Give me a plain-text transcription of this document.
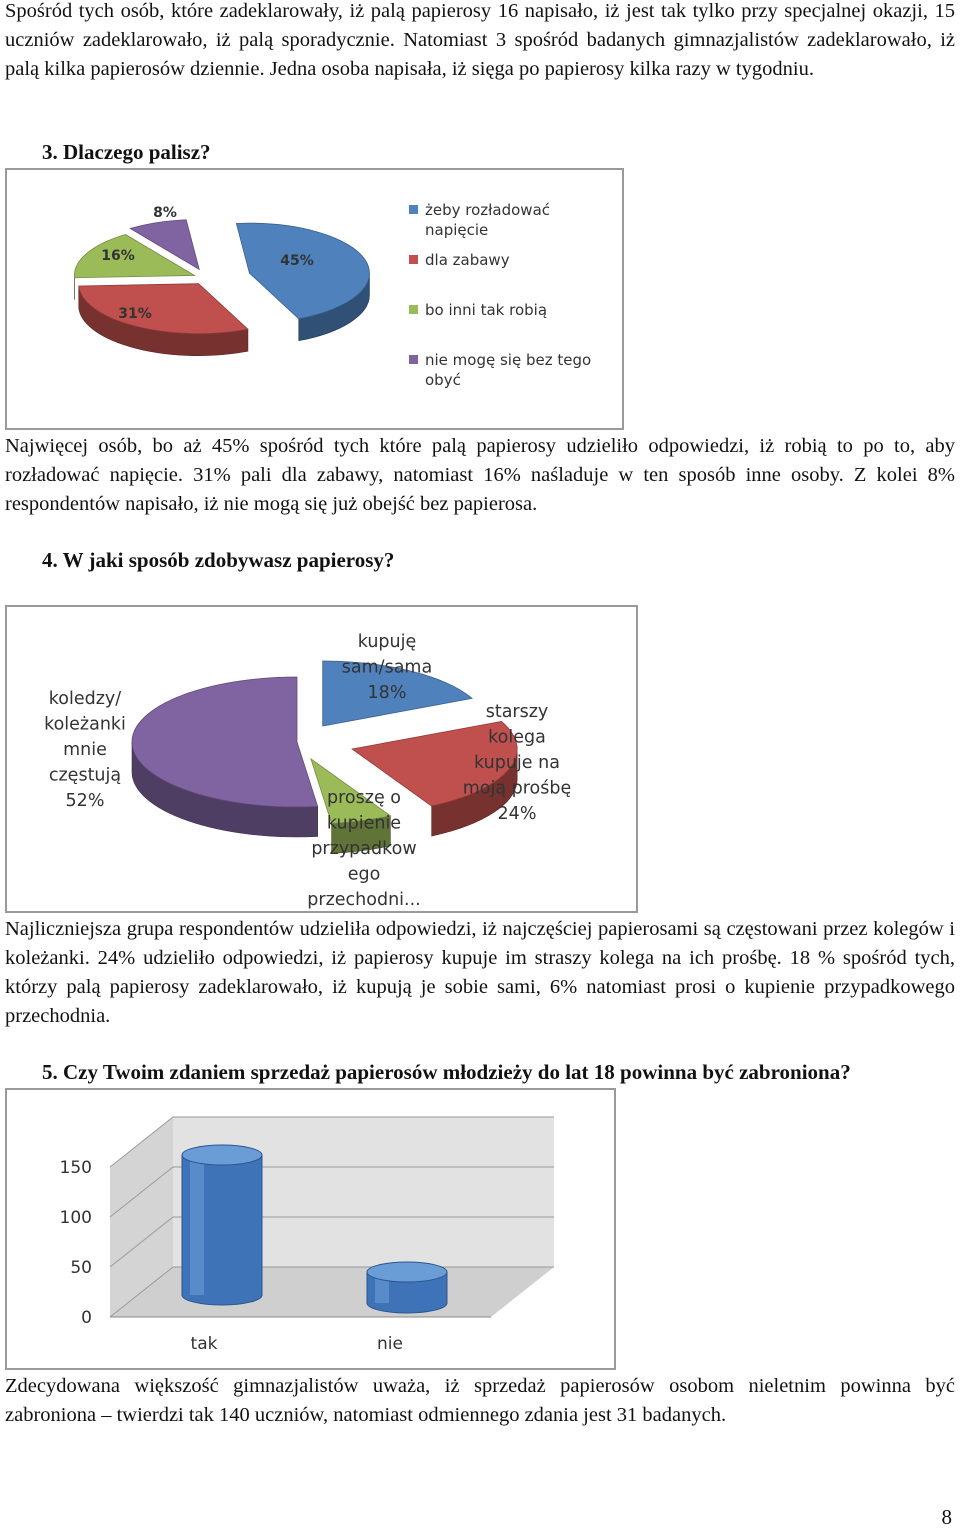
Spośród tych osób, które zadeklarowały, iż palą papierosy 16 napisało, iż jest tak tylko przy specjalnej okazji, 15 uczniów zadeklarowało, iż palą sporadycznie. Natomiast 3 spośród badanych gimnazjalistów zadeklarowało, iż palą kilka papierosów dziennie. Jedna osoba napisała, iż sięga po papierosy kilka razy w tygodniu.

3. Dlaczego palisz?

45%
31%
16%
8%	żeby rozładować
napięcie
dla zabawy
bo inni tak robią
nie mogę się bez tego
obyć

Najwięcej osób, bo aż 45% spośród tych które palą papierosy udzieliło odpowiedzi, iż robią to po to, aby rozładować napięcie. 31% pali dla zabawy, natomiast 16% naśladuje w ten sposób inne osoby. Z kolei 8% respondentów napisało, iż nie mogą się już obejść bez papierosa.

4. W jaki sposób zdobywasz papierosy?

kupuję
sam/sama
18%
starszy
kolega
kupuje na
moją prośbę
24%
proszę o
kupienie
przypadkow
ego
przechodni...
koledzy/
koleżanki
mnie
częstują
52%

Najliczniejsza grupa respondentów udzieliła odpowiedzi, iż najczęściej papierosami są częstowani przez kolegów i koleżanki. 24% udzieliło odpowiedzi, iż papierosy kupuje im straszy kolega na ich prośbę. 18 % spośród tych, którzy palą papierosy zadeklarowało, iż kupują je sobie sami, 6% natomiast prosi o kupienie przypadkowego przechodnia.

5. Czy Twoim zdaniem sprzedaż papierosów młodzieży do lat 18 powinna być zabroniona?

0
50
100
150
tak	nie

Zdecydowana większość gimnazjalistów uważa, iż sprzedaż papierosów osobom nieletnim powinna być zabroniona – twierdzi tak 140 uczniów, natomiast odmiennego zdania jest 31 badanych.

8
